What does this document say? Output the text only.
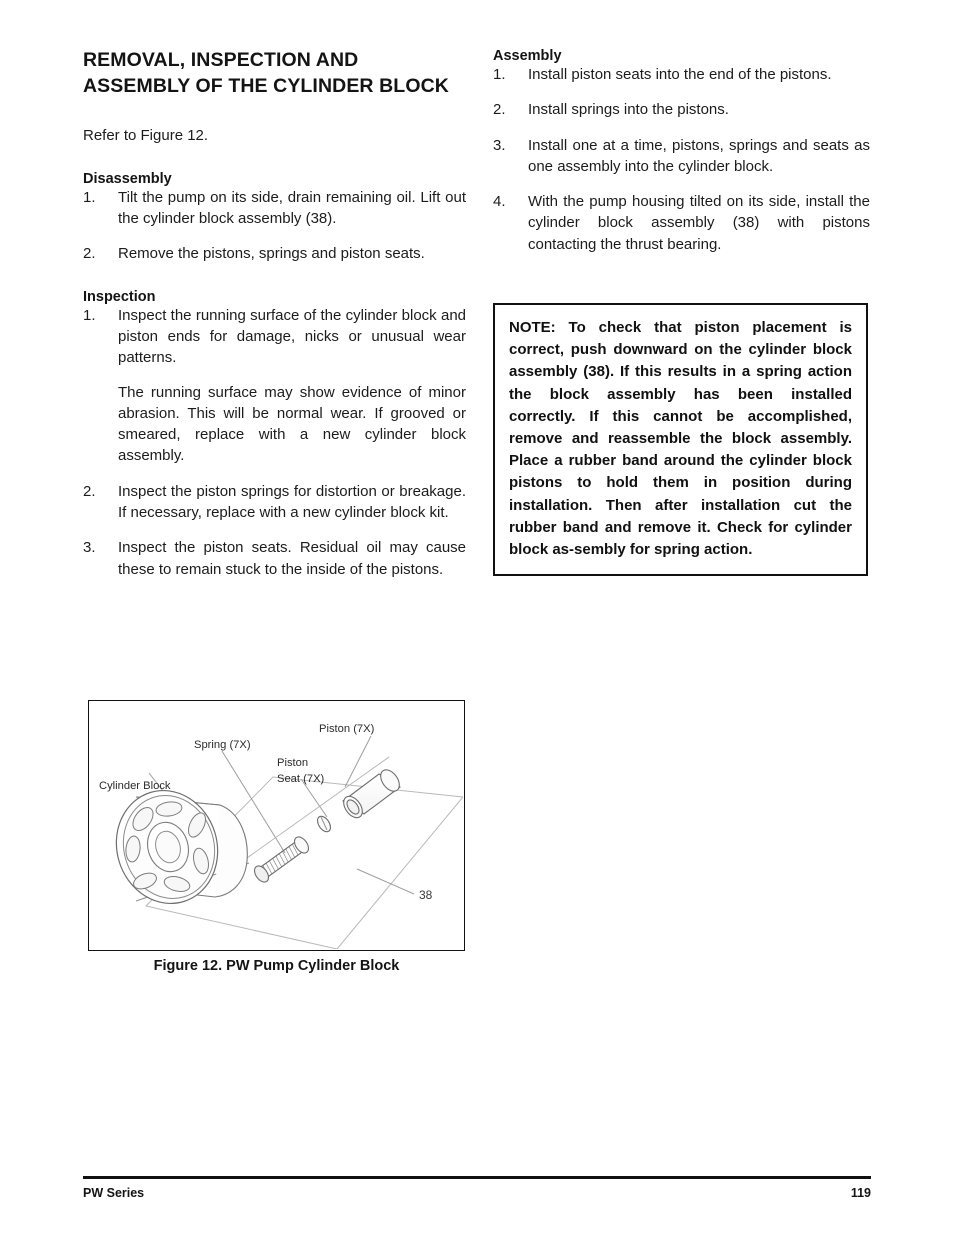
REMOVAL, INSPECTION AND ASSEMBLY OF THE CYLINDER BLOCK

Refer to Figure 12.

Disassembly
1.	Tilt the pump on its side, drain remaining oil. Lift out the cylinder block assembly (38).
2.	Remove the pistons, springs and piston seats.
Inspection
1.	Inspect the running surface of the cylinder block and piston ends for damage, nicks or unusual wear patterns.
The running surface may show evidence of minor abrasion. This will be normal wear. If grooved or smeared, replace with a new cylinder block assembly.
2.	Inspect the piston springs for distortion or breakage. If necessary, replace with a new cylinder block kit.
3.	Inspect the piston seats. Residual oil may cause these to remain stuck to the inside of the pistons.
Assembly
1.	Install piston seats into the end of the pistons.
2.	Install springs into the pistons.
3.	Install one at a time, pistons, springs and seats as one assembly into the cylinder block.
4.	With the pump housing tilted on its side, install the cylinder block assembly (38) with pistons contacting the thrust bearing.

NOTE: To check that piston placement is correct, push downward on the cylinder block assembly (38). If this results in a spring action the block assembly has been installed correctly. If this cannot be accomplished, remove and reassemble the block assembly. Place a rubber band around the cylinder block pistons to hold them in position during installation. Then after installation cut the rubber band and remove it. Check for cylinder block as-sembly for spring action.

Cylinder Block
Spring (7X)
Piston
Seat (7X)
Piston (7X)
38
Figure 12. PW Pump Cylinder Block
PW Series	119
